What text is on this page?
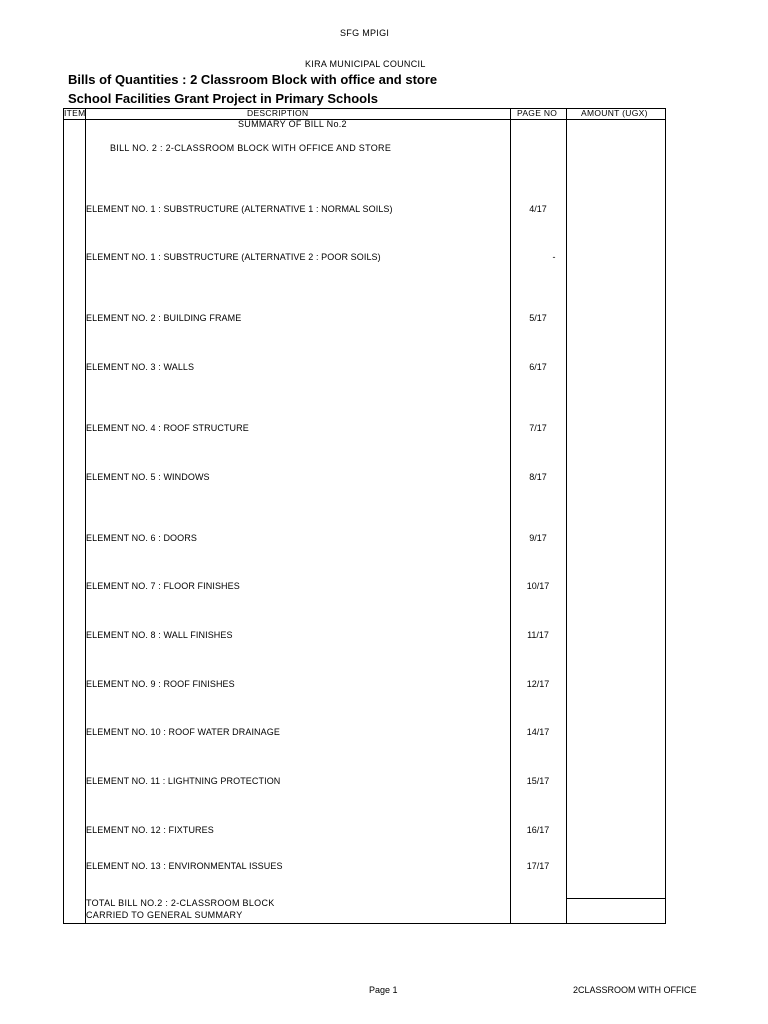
SFG MPIGI
KIRA MUNICIPAL COUNCIL
Bills of Quantities : 2 Classroom Block with office and store
School Facilities Grant Project in Primary Schools
ITEM	DESCRIPTION	PAGE NO	AMOUNT (UGX)
SUMMARY OF BILL No.2
BILL NO. 2 : 2-CLASSROOM BLOCK WITH OFFICE AND STORE
ELEMENT NO. 1 : SUBSTRUCTURE (ALTERNATIVE 1 : NORMAL SOILS)	4/17
ELEMENT NO. 1 : SUBSTRUCTURE (ALTERNATIVE 2 : POOR SOILS)	-
ELEMENT NO. 2 : BUILDING FRAME	5/17
ELEMENT NO. 3 : WALLS	6/17
ELEMENT NO. 4 : ROOF STRUCTURE	7/17
ELEMENT NO. 5 : WINDOWS	8/17
ELEMENT NO. 6 : DOORS	9/17
ELEMENT NO. 7 : FLOOR FINISHES	10/17
ELEMENT NO. 8 : WALL FINISHES	11/17
ELEMENT NO. 9 : ROOF FINISHES	12/17
ELEMENT NO. 10 : ROOF WATER DRAINAGE	14/17
ELEMENT NO. 11 : LIGHTNING PROTECTION	15/17
ELEMENT NO. 12 : FIXTURES	16/17
ELEMENT NO. 13 : ENVIRONMENTAL ISSUES	17/17
TOTAL BILL NO.2 : 2-CLASSROOM BLOCK
CARRIED TO GENERAL SUMMARY
Page 1	2CLASSROOM WITH OFFICE
